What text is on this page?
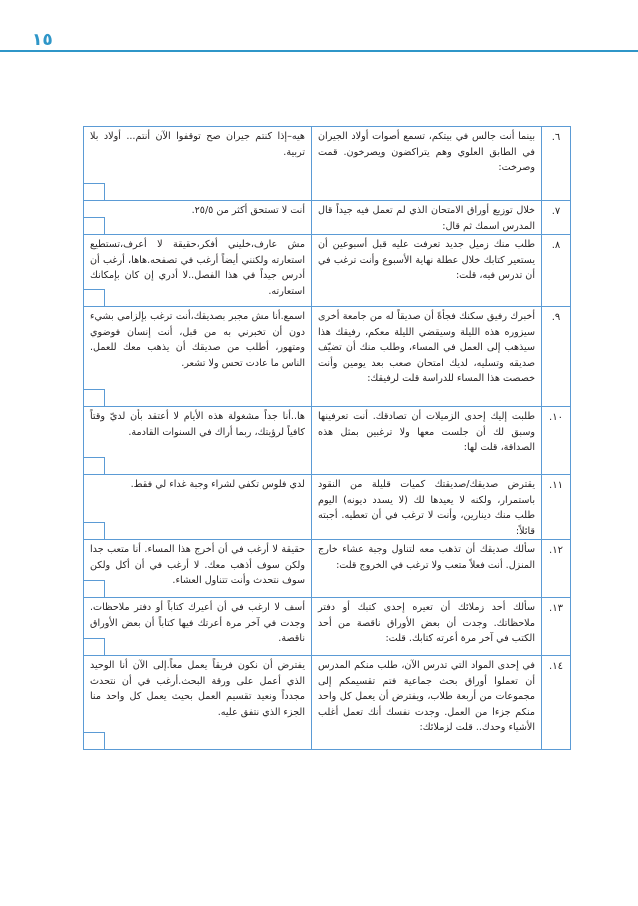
١٥
٦.	بينما أنت جالس في بيتكم، تسمع أصوات أولاد الجيران في الطابق العلوي وهم يتراكضون ويصرخون. قمت وصرخت:	هيه–إذا كنتم جيران صح توقفوا الآن أنتم... أولاد بلا تربية.

٧.	خلال توزيع أوراق الامتحان الذي لم تعمل فيه جيداً قال المدرس اسمك ثم قال:	أنت لا تستحق أكثر من ٢٥/٥.

٨.	طلب منك زميل جديد تعرفت عليه قبل أسبوعين أن يستعير كتابك خلال عطلة نهاية الأسبوع وأنت ترغب في أن تدرس فيه، قلت:	مش عارف،خليني أفكر،حقيقة لا أعرف،تستطيع استعارته ولكنني أيضاً أرغب في تصفحه.هاها، أرغب أن أدرس جيداً في هذا الفصل..لا أدري إن كان بإمكانك استعارته.

٩.	أخبرك رفيق سكنك فجأةً أن صديقاً له من جامعة أخرى سيزوره هذه الليلة وسيقضي الليلة معكم، رفيقك هذا سيذهب إلى العمل في المساء، وطلب منك أن تضيّف صديقه وتسليه، لديك امتحان صعب بعد يومين وأنت خصصت هذا المساء للدراسة قلت لرفيقك:	اسمع.أنا مش مجبر بصديقك،أنت ترغب بإلزامي بشيء دون أن تخبرني به من قبل، أنت إنسان فوضوي ومتهور، أطلب من صديقك أن يذهب معك للعمل. الناس ما عادت تحس ولا تشعر.

١٠.	طلبت إليك إحدى الزميلات أن تصادقك. أنت تعرفينها وسبق لك أن جلست معها ولا ترغبين بمثل هذه الصداقة، قلت لها:	ها..أنا جداً مشغولة هذه الأيام لا أعتقد بأن لديّ وقتاً كافياً لرؤيتك، ربما أراك في السنوات القادمة.

١١.	يقترض صديقك/صديقتك كميات قليلة من النقود باستمرار، ولكنه لا يعيدها لك (لا يسدد ديونه) اليوم طلب منك دينارين، وأنت لا ترغب في أن تعطيه. أجبته قائلاً:	لدي فلوس تكفي لشراء وجبة غداء لي فقط.

١٢.	سألك صديقك أن تذهب معه لتناول وجبة عشاء خارج المنزل. أنت فعلاً متعب ولا ترغب في الخروج قلت:	حقيقة لا أرغب في أن أخرج هذا المساء. أنا متعب جدا ولكن سوف أذهب معك. لا أرغب في أن أكل ولكن سوف نتحدث وأنت تتناول العشاء.

١٣.	سألك أحد زملائك أن تعيره إحدى كتبك أو دفتر ملاحظاتك. وجدت أن بعض الأوراق ناقصة من أحد الكتب في آخر مرة أعرته كتابك. قلت:	أسف لا ارغب في أن أعيرك كتاباً أو دفتر ملاحظات. وجدت في آخر مرة أعرتك فيها كتاباً أن بعض الأوراق ناقصة.

١٤.	في إحدى المواد التي تدرس الآن، طلب منكم المدرس أن تعملوا أوراق بحث جماعية فتم تقسيمكم إلى مجموعات من أربعة طلاب، ويفترض أن يعمل كل واحد منكم جزءا من العمل. وجدت نفسك أنك تعمل أغلب الأشياء وحدك.. قلت لزملائك:	يفترض أن نكون فريقاً يعمل معاً.إلى الآن أنا الوحيد الذي أعمل على ورقة البحث.أرغب في أن نتحدث مجدداً ونعيد تقسيم العمل بحيث يعمل كل واحد منا الجزء الذي نتفق عليه.
